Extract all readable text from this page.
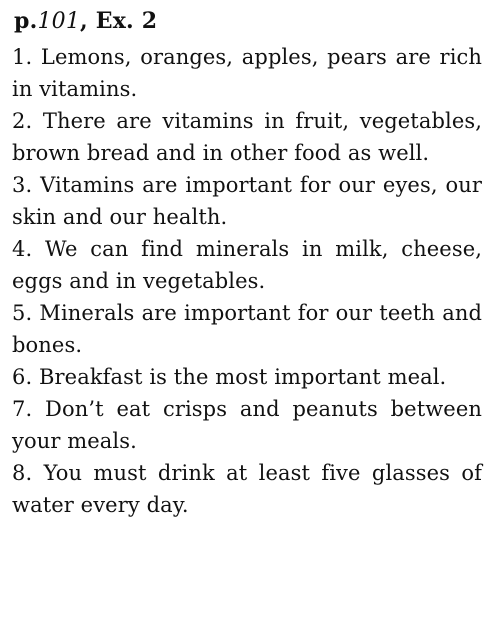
p.101, Ex. 2
1. Lemons, oranges, apples, pears are rich in vitamins.
2. There are vitamins in fruit, vegetables, brown bread and in other food as well.
3. Vitamins are important for our eyes, our skin and our health.
4. We can find minerals in milk, cheese, eggs and in vegetables.
5. Minerals are important for our teeth and bones.
6. Breakfast is the most important meal.
7. Don’t eat crisps and peanuts between your meals.
8. You must drink at least five glasses of water every day.
